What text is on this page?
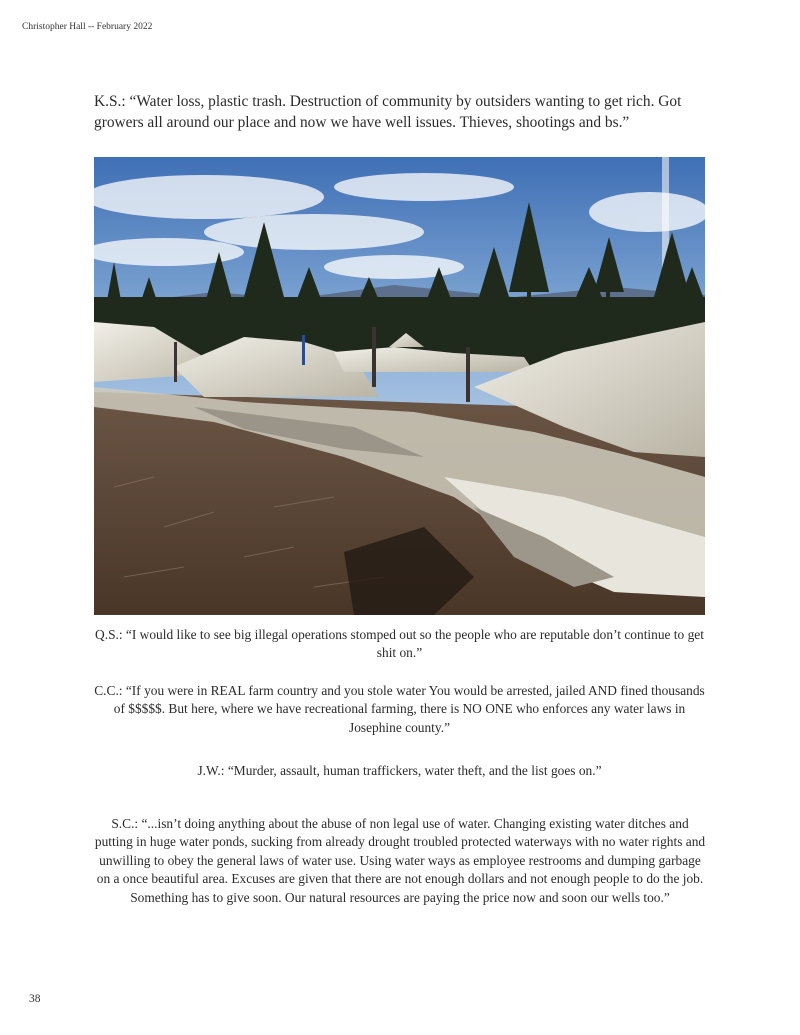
Christopher Hall -- February 2022

K.S.: “Water loss, plastic trash. Destruction of community by outsiders wanting to get rich. Got growers all around our place and now we have well issues. Thieves, shootings and bs.”

Q.S.: “I would like to see big illegal operations stomped out so the people who are reputable don’t continue to get shit on.”

C.C.: “If you were in REAL farm country and you stole water You would be arrested, jailed AND fined thousands of $$$$$. But here, where we have recreational farming, there is NO ONE who enforces any water laws in Josephine county.”

J.W.: “Murder, assault, human traffickers, water theft, and the list goes on.”

S.C.: “...isn’t doing anything about the abuse of non legal use of water. Changing existing water ditches and putting in huge water ponds, sucking from already drought troubled protected waterways with no water rights and unwilling to obey the general laws of water use. Using water ways as employee restrooms and dumping garbage on a once beautiful area. Excuses are given that there are not enough dollars and not enough people to do the job. Something has to give soon. Our natural resources are paying the price now and soon our wells too.”

38
